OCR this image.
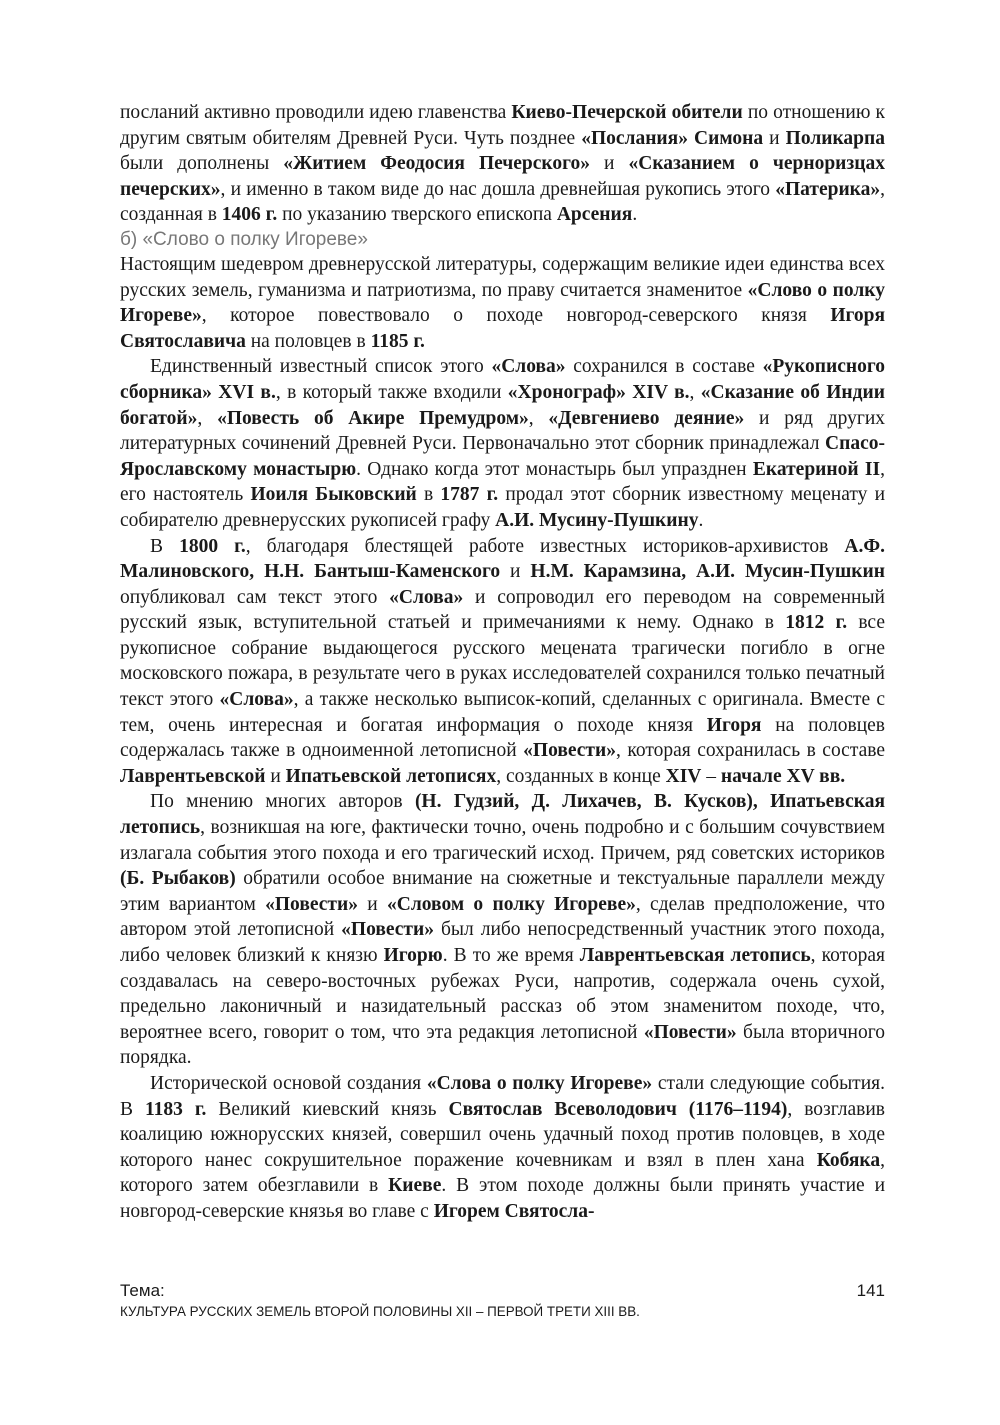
посланий активно проводили идею главенства Киево-Печерской обители по отношению к другим святым обителям Древней Руси. Чуть позднее «Послания» Симона и Поликарпа были дополнены «Житием Феодосия Печерского» и «Сказанием о черноризцах печерских», и именно в таком виде до нас дошла древнейшая рукопись этого «Патерика», созданная в 1406 г. по указанию тверского епископа Арсения.

б) «Слово о полку Игореве»

Настоящим шедевром древнерусской литературы, содержащим великие идеи единства всех русских земель, гуманизма и патриотизма, по праву считается знаменитое «Слово о полку Игореве», которое повествовало о походе новгород-северского князя Игоря Святославича на половцев в 1185 г.

Единственный известный список этого «Слова» сохранился в составе «Рукописного сборника» XVI в., в который также входили «Хронограф» XIV в., «Сказание об Индии богатой», «Повесть об Акире Премудром», «Девгениево деяние» и ряд других литературных сочинений Древней Руси. Первоначально этот сборник принадлежал Спасо-Ярославскому монастырю. Однако когда этот монастырь был упразднен Екатериной II, его настоятель Иоиля Быковский в 1787 г. продал этот сборник известному меценату и собирателю древнерусских рукописей графу А.И. Мусину-Пушкину.

В 1800 г., благодаря блестящей работе известных историков-архивистов А.Ф. Малиновского, Н.Н. Бантыш-Каменского и Н.М. Карамзина, А.И. Мусин-Пушкин опубликовал сам текст этого «Слова» и сопроводил его переводом на современный русский язык, вступительной статьей и примечаниями к нему. Однако в 1812 г. все рукописное собрание выдающегося русского мецената трагически погибло в огне московского пожара, в результате чего в руках исследователей сохранился только печатный текст этого «Слова», а также несколько выписок-копий, сделанных с оригинала. Вместе с тем, очень интересная и богатая информация о походе князя Игоря на половцев содержалась также в одноименной летописной «Повести», которая сохранилась в составе Лаврентьевской и Ипатьевской летописях, созданных в конце XIV – начале XV вв.

По мнению многих авторов (Н. Гудзий, Д. Лихачев, В. Кусков), Ипатьевская летопись, возникшая на юге, фактически точно, очень подробно и с большим сочувствием излагала события этого похода и его трагический исход. Причем, ряд советских историков (Б. Рыбаков) обратили особое внимание на сюжетные и текстуальные параллели между этим вариантом «Повести» и «Словом о полку Игореве», сделав предположение, что автором этой летописной «Повести» был либо непосредственный участник этого похода, либо человек близкий к князю Игорю. В то же время Лаврентьевская летопись, которая создавалась на северо-восточных рубежах Руси, напротив, содержала очень сухой, предельно лаконичный и назидательный рассказ об этом знаменитом походе, что, вероятнее всего, говорит о том, что эта редакция летописной «Повести» была вторичного порядка.

Исторической основой создания «Слова о полку Игореве» стали следующие события. В 1183 г. Великий киевский князь Святослав Всеволодович (1176–1194), возглавив коалицию южнорусских князей, совершил очень удачный поход против половцев, в ходе которого нанес сокрушительное поражение кочевникам и взял в плен хана Кобяка, которого затем обезглавили в Киеве. В этом походе должны были принять участие и новгород-северские князья во главе с Игорем Святосла-

Тема:	141
КУЛЬТУРА РУССКИХ ЗЕМЕЛЬ ВТОРОЙ ПОЛОВИНЫ XII – ПЕРВОЙ ТРЕТИ XIII ВВ.
